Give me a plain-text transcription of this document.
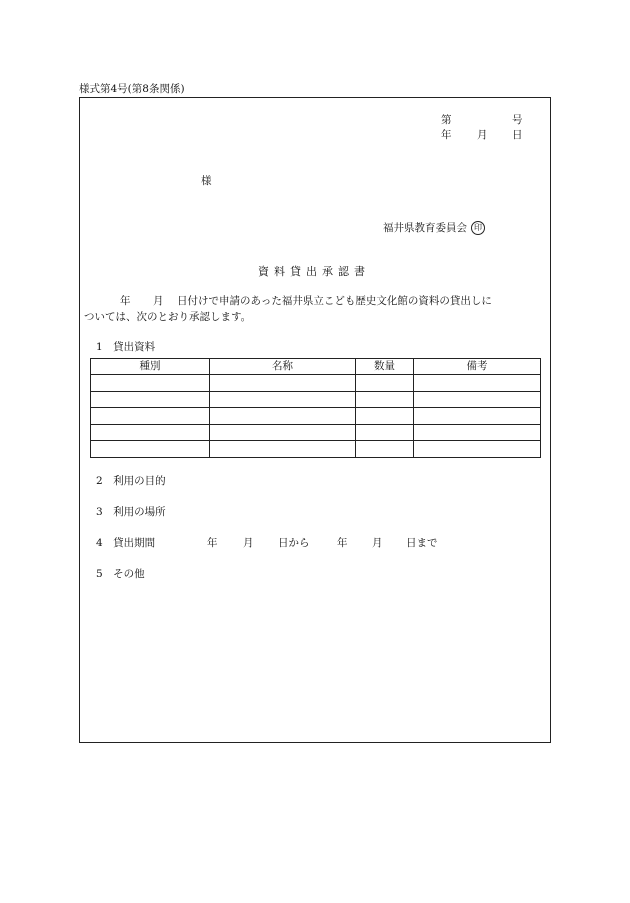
様式第4号(第8条関係)
第	号
年 月 日
様
福井県教育委員会 印
資料貸出承認書
年 月 日付けで申請のあった福井県立こども歴史文化館の資料の貸出しに
ついては、次のとおり承認します。
1　貸出資料
種別	名称	数量	備考

2　利用の目的
3　利用の場所
4　貸出期間	年 月 日から	年 月 日まで
5　その他
